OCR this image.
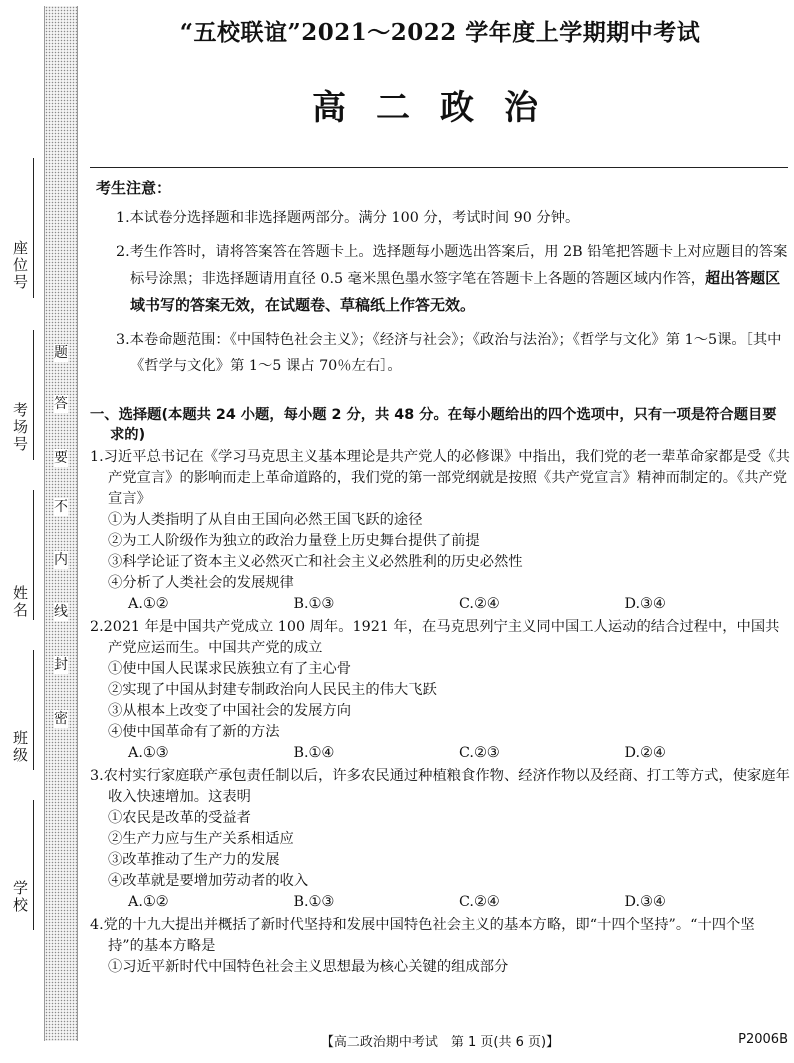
座位号
考场号
姓名
班级
学校
题
答
要
不
内
线
封
密
“五校联谊”2021～2022 学年度上学期期中考试
高二政治
考生注意：
1.本试卷分选择题和非选择题两部分。满分 100 分，考试时间 90 分钟。
2.考生作答时，请将答案答在答题卡上。选择题每小题选出答案后，用 2B 铅笔把答题卡上对应题目的答案标号涂黑；非选择题请用直径 0.5 毫米黑色墨水签字笔在答题卡上各题的答题区域内作答，超出答题区域书写的答案无效，在试题卷、草稿纸上作答无效。
3.本卷命题范围：《中国特色社会主义》；《经济与社会》；《政治与法治》；《哲学与文化》第 1～5课。［其中《哲学与文化》第 1～5 课占 70％左右］。
一、选择题(本题共 24 小题，每小题 2 分，共 48 分。在每小题给出的四个选项中，只有一项是符合题目要求的)
1.习近平总书记在《学习马克思主义基本理论是共产党人的必修课》中指出，我们党的老一辈革命家都是受《共产党宣言》的影响而走上革命道路的，我们党的第一部党纲就是按照《共产党宣言》精神而制定的。《共产党宣言》
①为人类指明了从自由王国向必然王国飞跃的途径
②为工人阶级作为独立的政治力量登上历史舞台提供了前提
③科学论证了资本主义必然灭亡和社会主义必然胜利的历史必然性
④分析了人类社会的发展规律
A.①②	B.①③	C.②④	D.③④
2.2021 年是中国共产党成立 100 周年。1921 年，在马克思列宁主义同中国工人运动的结合过程中，中国共产党应运而生。中国共产党的成立
①使中国人民谋求民族独立有了主心骨
②实现了中国从封建专制政治向人民民主的伟大飞跃
③从根本上改变了中国社会的发展方向
④使中国革命有了新的方法
A.①③	B.①④	C.②③	D.②④
3.农村实行家庭联产承包责任制以后，许多农民通过种植粮食作物、经济作物以及经商、打工等方式，使家庭年收入快速增加。这表明
①农民是改革的受益者
②生产力应与生产关系相适应
③改革推动了生产力的发展
④改革就是要增加劳动者的收入
A.①②	B.①③	C.②④	D.③④
4.党的十九大提出并概括了新时代坚持和发展中国特色社会主义的基本方略，即“十四个坚持”。“十四个坚持”的基本方略是
①习近平新时代中国特色社会主义思想最为核心关键的组成部分
【高二政治期中考试　第 1 页(共 6 页)】	P2006B
